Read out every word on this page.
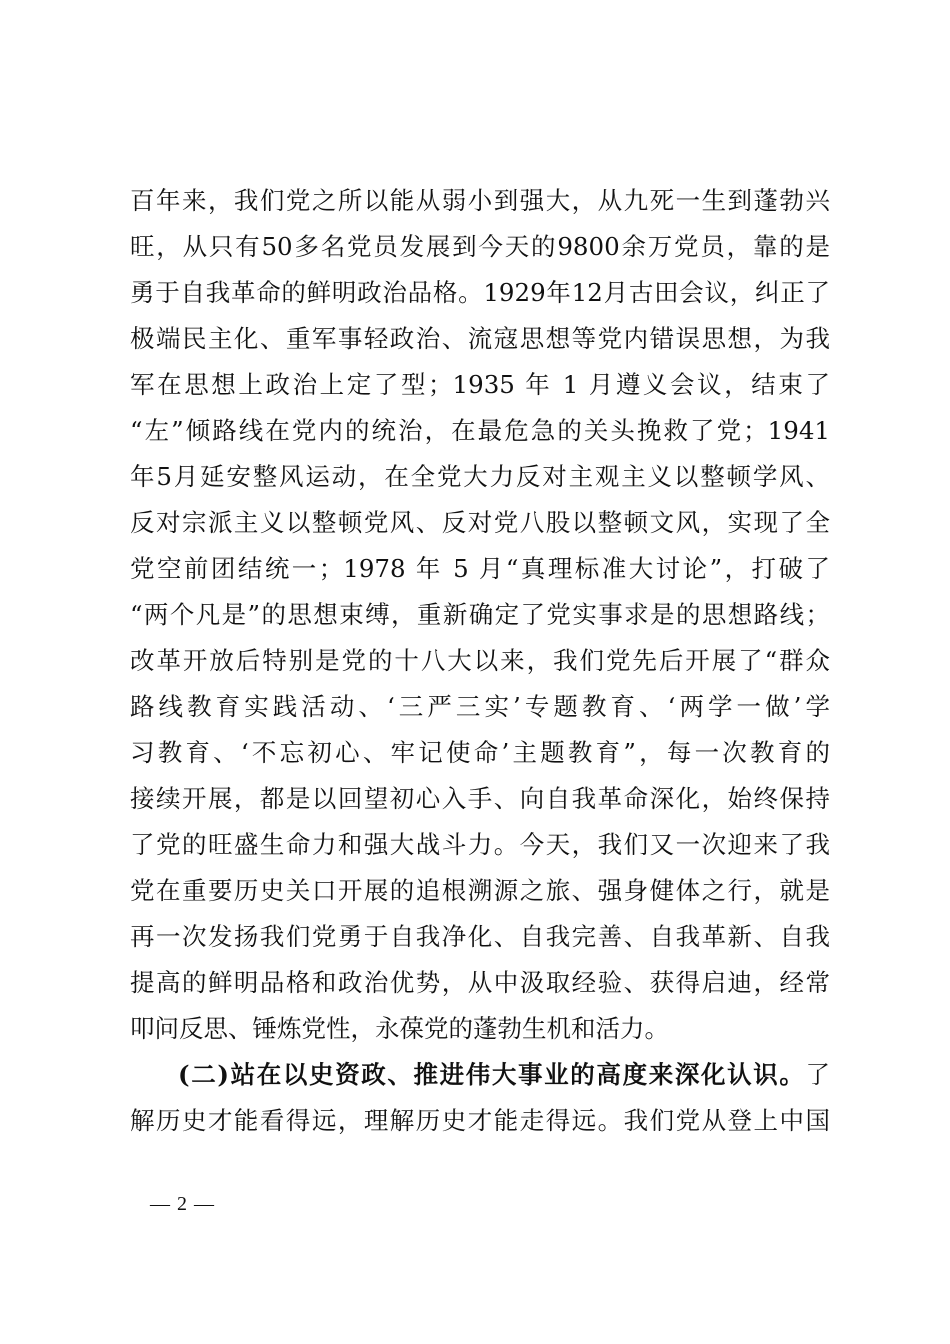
百年来，我们党之所以能从弱小到强大，从九死一生到蓬勃兴
旺，从只有50多名党员发展到今天的9800余万党员，靠的是
勇于自我革命的鲜明政治品格。1929年12月古田会议，纠正了
极端民主化、重军事轻政治、流寇思想等党内错误思想，为我
军在思想上政治上定了型；1935 年 1 月遵义会议，结束了
“左”倾路线在党内的统治，在最危急的关头挽救了党；1941
年5月延安整风运动，在全党大力反对主观主义以整顿学风、
反对宗派主义以整顿党风、反对党八股以整顿文风，实现了全
党空前团结统一；1978 年 5 月“真理标准大讨论”，打破了
“两个凡是”的思想束缚，重新确定了党实事求是的思想路线；
改革开放后特别是党的十八大以来，我们党先后开展了“群众
路线教育实践活动、‘三严三实’专题教育、‘两学一做’学
习教育、‘不忘初心、牢记使命’主题教育”，每一次教育的
接续开展，都是以回望初心入手、向自我革命深化，始终保持
了党的旺盛生命力和强大战斗力。今天，我们又一次迎来了我
党在重要历史关口开展的追根溯源之旅、强身健体之行，就是
再一次发扬我们党勇于自我净化、自我完善、自我革新、自我
提高的鲜明品格和政治优势，从中汲取经验、获得启迪，经常
叩问反思、锤炼党性，永葆党的蓬勃生机和活力。
(二)站在以史资政、推进伟大事业的高度来深化认识。了
解历史才能看得远，理解历史才能走得远。我们党从登上中国
— 2 —
